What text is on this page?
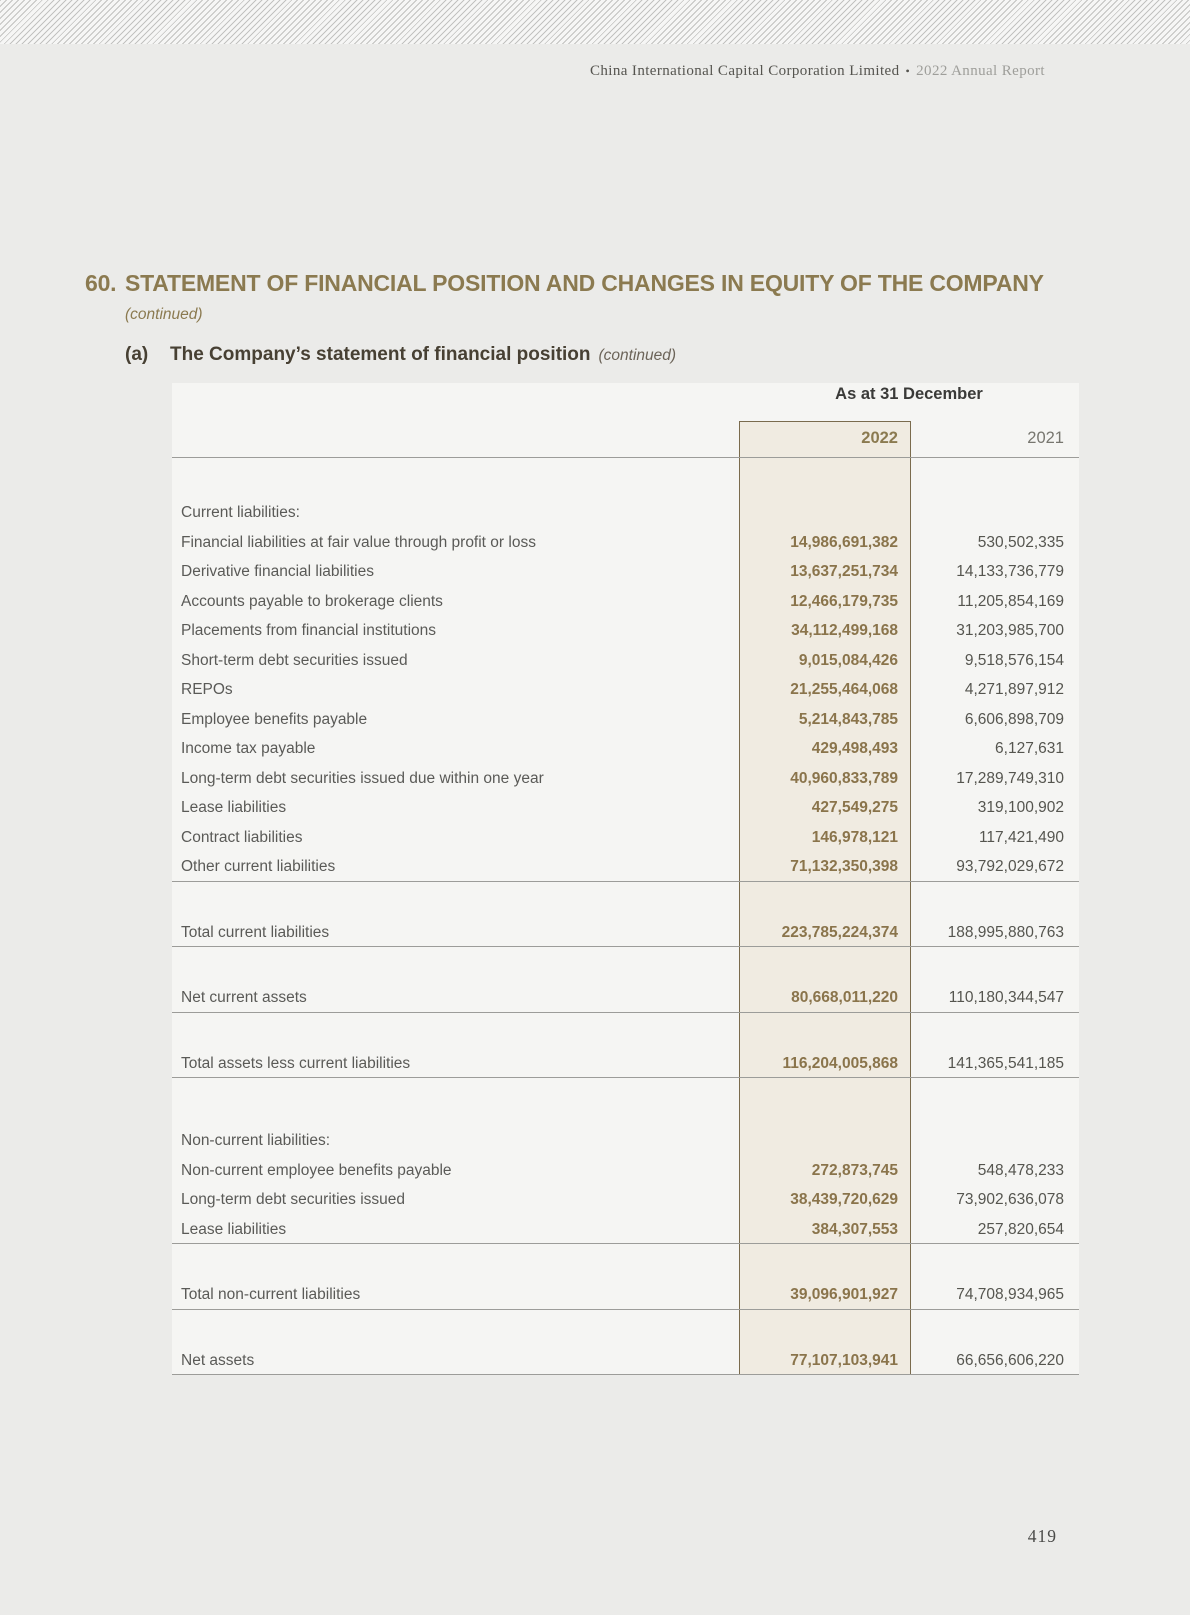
China International Capital Corporation Limited • 2022 Annual Report
60. STATEMENT OF FINANCIAL POSITION AND CHANGES IN EQUITY OF THE COMPANY
(continued)
(a)	The Company’s statement of financial position (continued)
As at 31 December
2022	2021
Current liabilities:
Financial liabilities at fair value through profit or loss	14,986,691,382	530,502,335
Derivative financial liabilities	13,637,251,734	14,133,736,779
Accounts payable to brokerage clients	12,466,179,735	11,205,854,169
Placements from financial institutions	34,112,499,168	31,203,985,700
Short-term debt securities issued	9,015,084,426	9,518,576,154
REPOs	21,255,464,068	4,271,897,912
Employee benefits payable	5,214,843,785	6,606,898,709
Income tax payable	429,498,493	6,127,631
Long-term debt securities issued due within one year	40,960,833,789	17,289,749,310
Lease liabilities	427,549,275	319,100,902
Contract liabilities	146,978,121	117,421,490
Other current liabilities	71,132,350,398	93,792,029,672
Total current liabilities	223,785,224,374	188,995,880,763
Net current assets	80,668,011,220	110,180,344,547
Total assets less current liabilities	116,204,005,868	141,365,541,185
Non-current liabilities:
Non-current employee benefits payable	272,873,745	548,478,233
Long-term debt securities issued	38,439,720,629	73,902,636,078
Lease liabilities	384,307,553	257,820,654
Total non-current liabilities	39,096,901,927	74,708,934,965
Net assets	77,107,103,941	66,656,606,220
419
